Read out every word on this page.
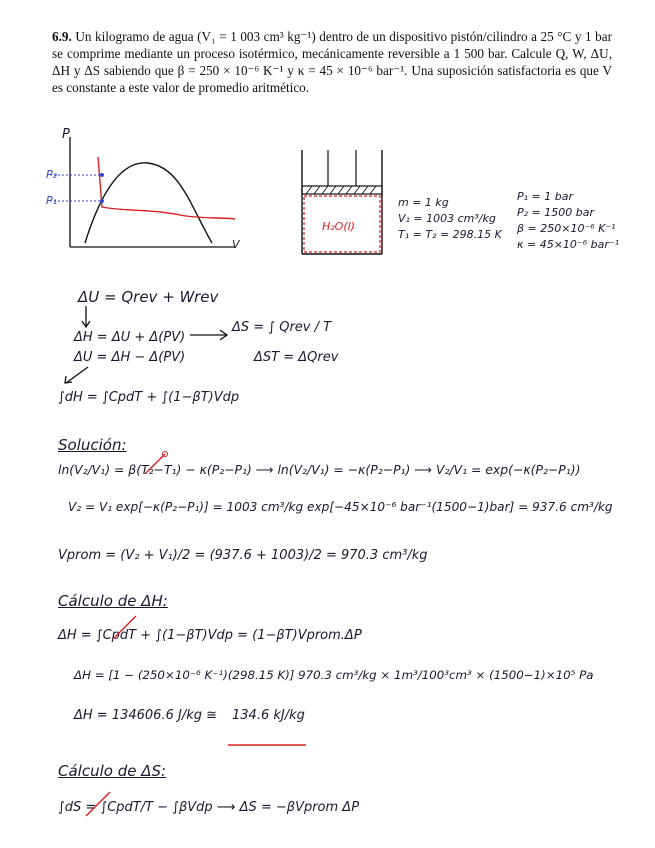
6.9. Un kilogramo de agua (V₁ = 1 003 cm³ kg⁻¹) dentro de un dispositivo pistón/cilindro a 25 °C y 1 bar se comprime mediante un proceso isotérmico, mecánicamente reversible a 1 500 bar. Calcule Q, W, ΔU, ΔH y ΔS sabiendo que β = 250 × 10⁻⁶ K⁻¹ y κ = 45 × 10⁻⁶ bar⁻¹. Una suposición satisfactoria es que V es constante a este valor de promedio aritmético.
P
V
P₂
P₁
H₂O(l)
m = 1 kg
V₁ = 1003 cm³/kg
T₁ = T₂ = 298.15 K
P₁ = 1 bar
P₂ = 1500 bar
β = 250×10⁻⁶ K⁻¹
κ = 45×10⁻⁶ bar⁻¹
ΔU = Qrev + Wrev
ΔH = ΔU + Δ(PV)
ΔU = ΔH − Δ(PV)
ΔS = ∫ Qrev / T
ΔST = ΔQrev
∫dH = ∫CpdT + ∫(1−βT)Vdp
Solución:
ln(V₂/V₁) = β(T₂−T₁) − κ(P₂−P₁) ⟶ ln(V₂/V₁) = −κ(P₂−P₁) ⟶ V₂/V₁ = exp(−κ(P₂−P₁))
V₂ = V₁ exp[−κ(P₂−P₁)] = 1003 cm³/kg exp[−45×10⁻⁶ bar⁻¹(1500−1)bar] = 937.6 cm³/kg
Vprom = (V₂ + V₁)/2 = (937.6 + 1003)/2 = 970.3 cm³/kg
Cálculo de ΔH:
ΔH = ∫CpdT + ∫(1−βT)Vdp = (1−βT)Vprom.ΔP
ΔH = [1 − (250×10⁻⁶ K⁻¹)(298.15 K)] 970.3 cm³/kg × 1m³/100³cm³ × (1500−1)×10⁵ Pa
ΔH = 134606.6 J/kg ≅ 134.6 kJ/kg
Cálculo de ΔS:
∫dS = ∫CpdT/T − ∫βVdp ⟶ ΔS = −βVprom ΔP
